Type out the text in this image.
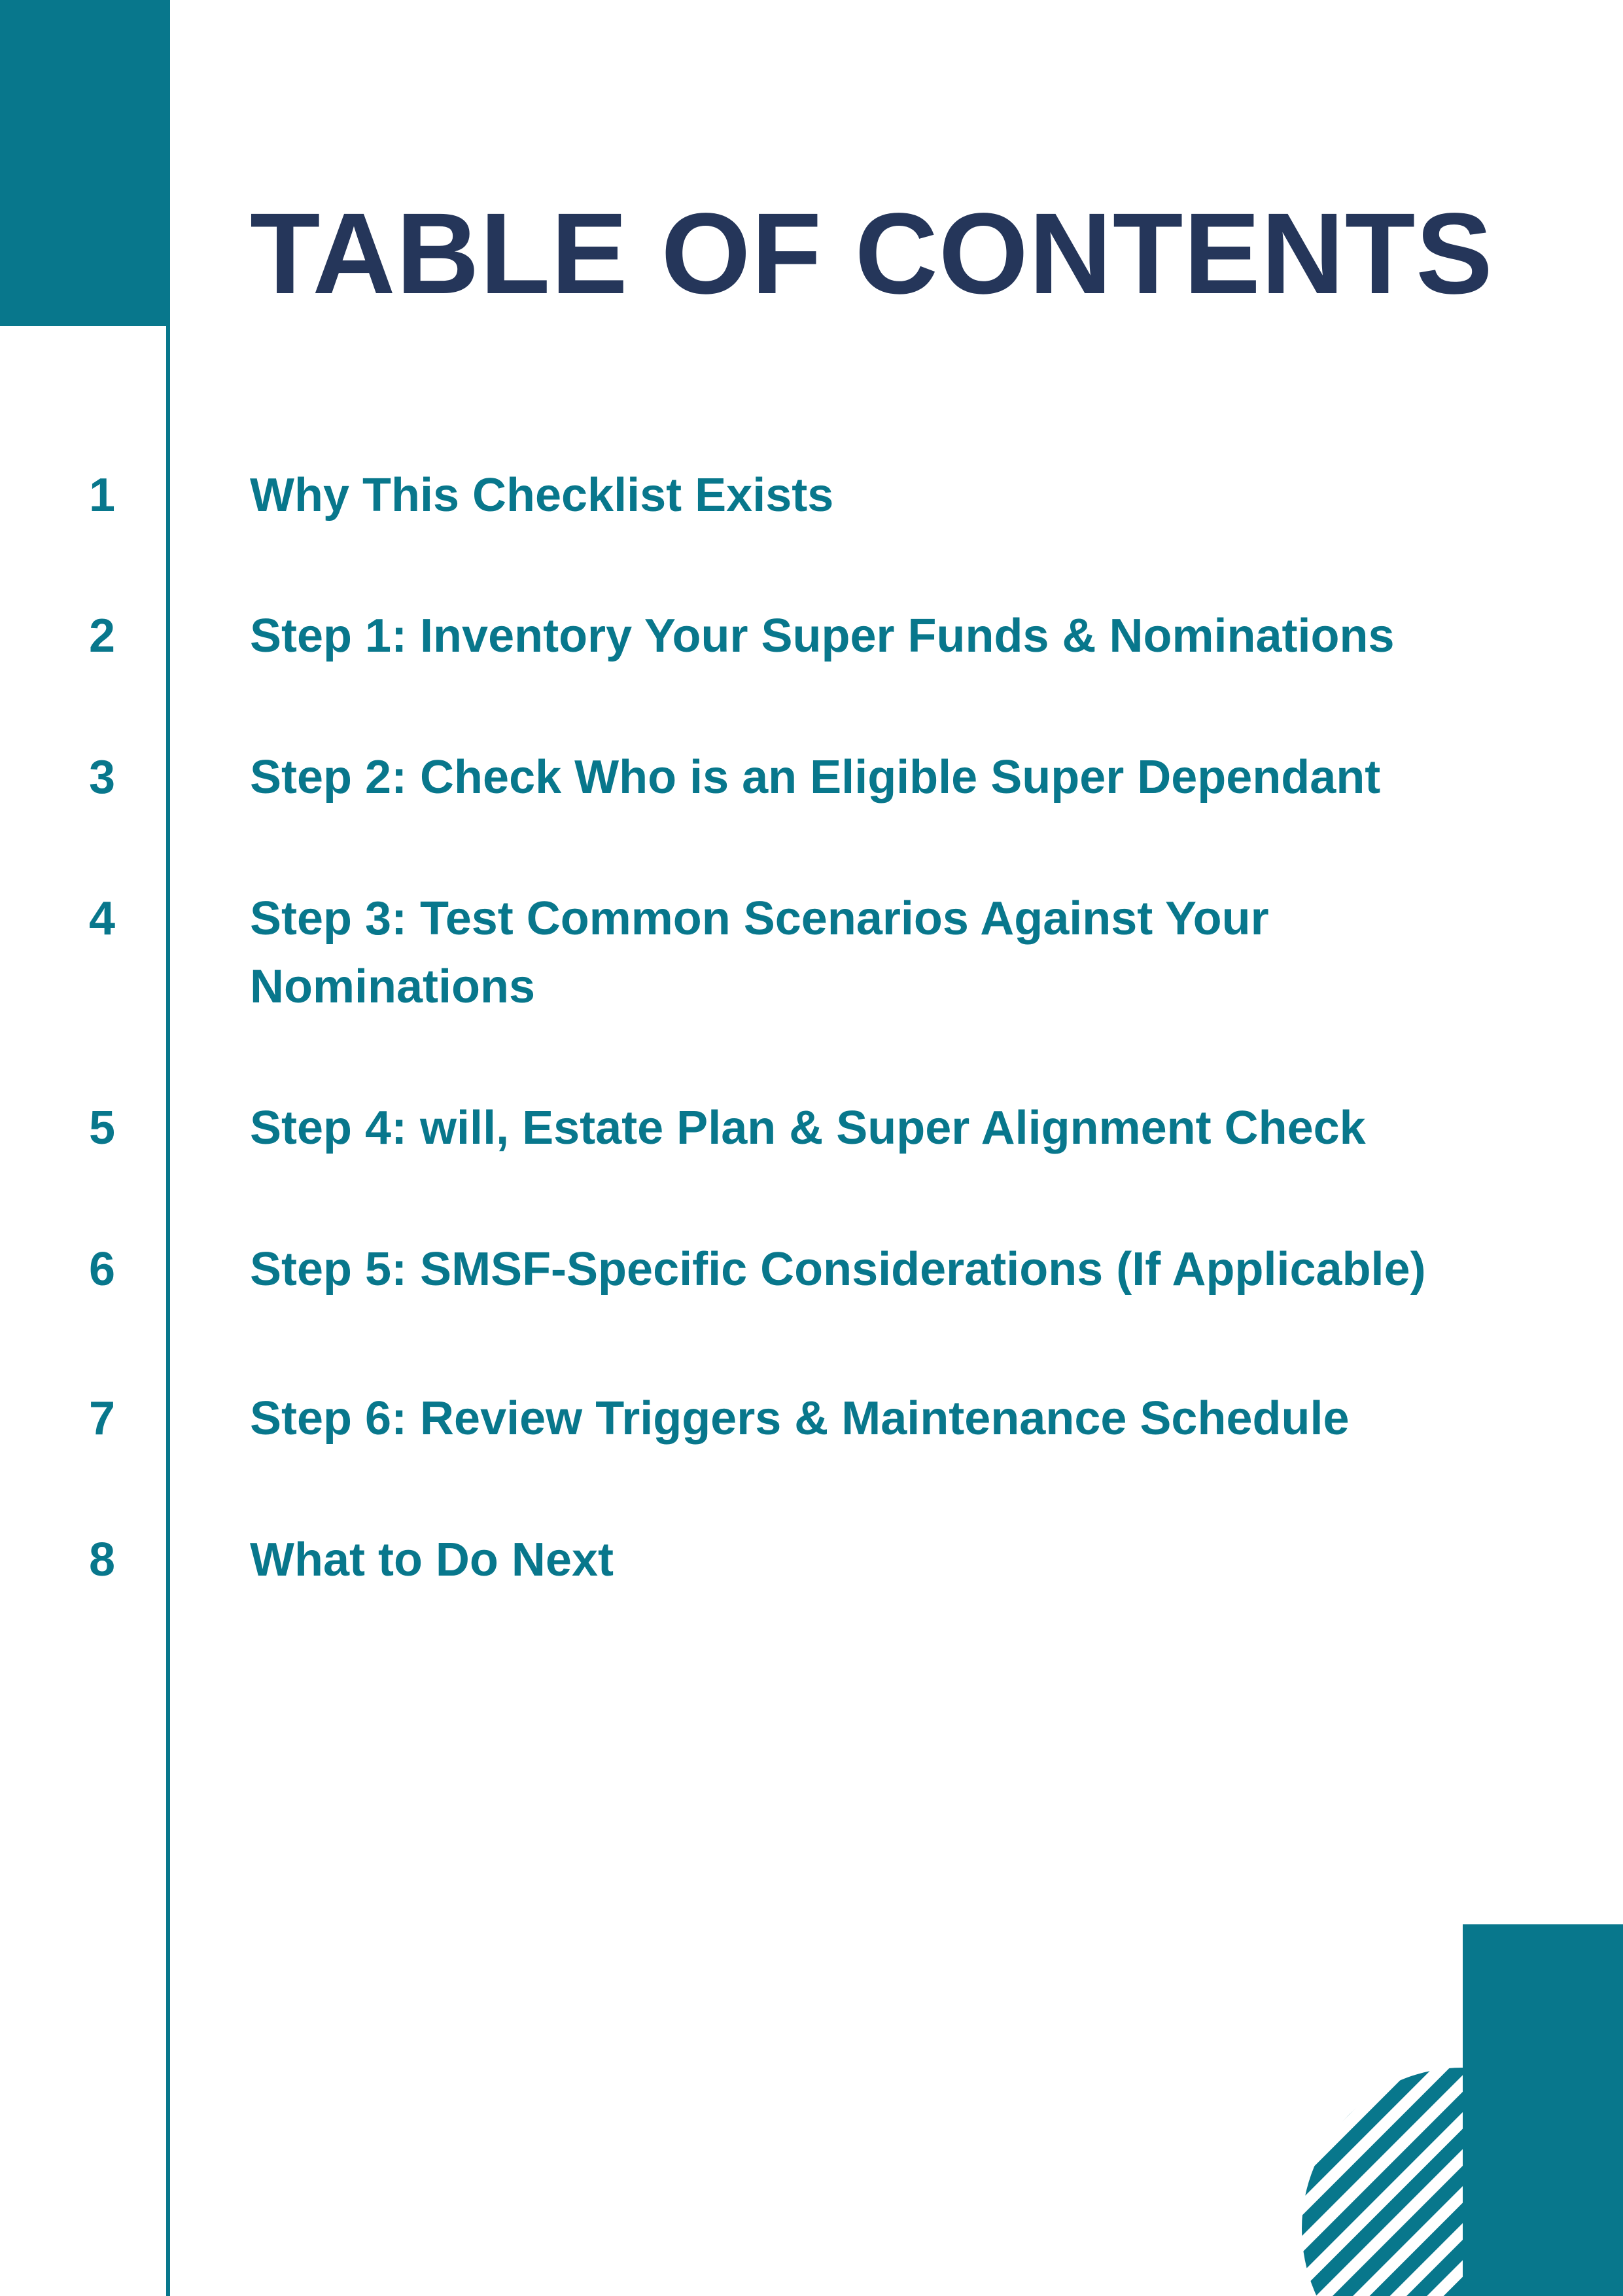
TABLE OF CONTENTS
1	Why This Checklist Exists
2	Step 1: Inventory Your Super Funds & Nominations
3	Step 2: Check Who is an Eligible Super Dependant
4	Step 3: Test Common Scenarios Against Your Nominations
5	Step 4: will, Estate Plan & Super Alignment Check
6	Step 5: SMSF-Specific Considerations (If Applicable)
7	Step 6: Review Triggers & Maintenance Schedule
8	What to Do Next
